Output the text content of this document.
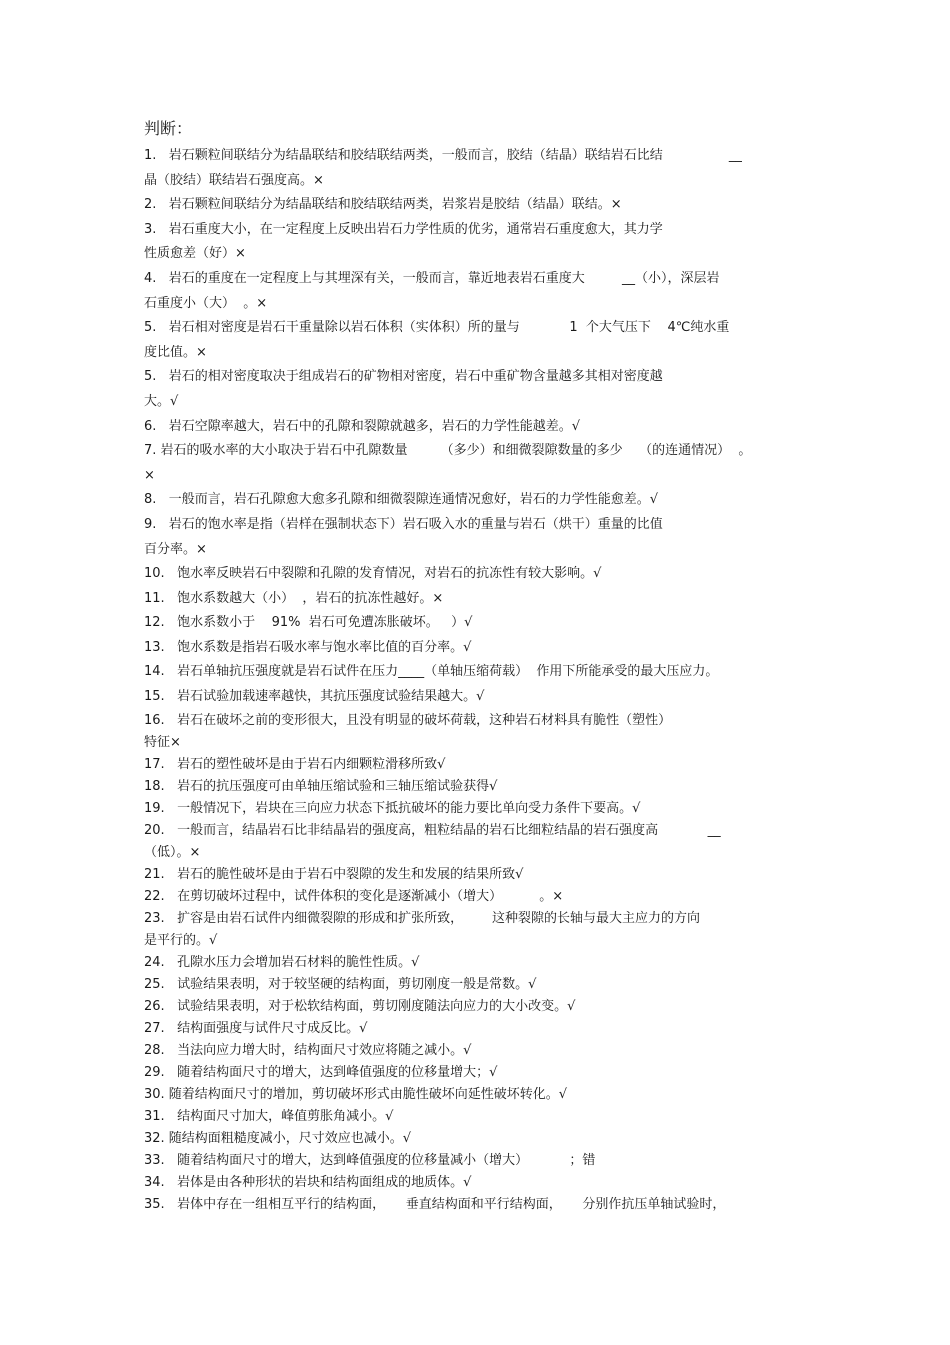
判断：
1.   岩石颗粒间联结分为结晶联结和胶结联结两类，一般而言，胶结（结晶）联结岩石比结                __
晶（胶结）联结岩石强度高。×
2.   岩石颗粒间联结分为结晶联结和胶结联结两类，岩浆岩是胶结（结晶）联结。×
3.   岩石重度大小，在一定程度上反映出岩石力学性质的优劣，通常岩石重度愈大，其力学
性质愈差（好）×
4.   岩石的重度在一定程度上与其埋深有关，一般而言，靠近地表岩石重度大         __（小），深层岩
石重度小（大）  。×
5.   岩石相对密度是岩石干重量除以岩石体积（实体积）所的量与            1  个大气压下    4℃纯水重
度比值。×
5.   岩石的相对密度取决于组成岩石的矿物相对密度，岩石中重矿物含量越多其相对密度越
大。√
6.   岩石空隙率越大，岩石中的孔隙和裂隙就越多，岩石的力学性能越差。√
7. 岩石的吸水率的大小取决于岩石中孔隙数量        （多少）和细微裂隙数量的多少    （的连通情况）  。
×
8.   一般而言，岩石孔隙愈大愈多孔隙和细微裂隙连通情况愈好，岩石的力学性能愈差。√
9.   岩石的饱水率是指（岩样在强制状态下）岩石吸入水的重量与岩石（烘干）重量的比值
百分率。×
10.   饱水率反映岩石中裂隙和孔隙的发育情况，对岩石的抗冻性有较大影响。√
11.   饱水系数越大（小）  ，岩石的抗冻性越好。×
12.   饱水系数小于    91%  岩石可免遭冻胀破坏。   ）√
13.   饱水系数是指岩石吸水率与饱水率比值的百分率。√
14.   岩石单轴抗压强度就是岩石试件在压力____（单轴压缩荷载）  作用下所能承受的最大压应力。
15.   岩石试验加载速率越快，其抗压强度试验结果越大。√
16.   岩石在破坏之前的变形很大，且没有明显的破坏荷载，这种岩石材料具有脆性（塑性）
特征×
17.   岩石的塑性破坏是由于岩石内细颗粒滑移所致√
18.   岩石的抗压强度可由单轴压缩试验和三轴压缩试验获得√
19.   一般情况下，岩块在三向应力状态下抵抗破坏的能力要比单向受力条件下要高。√
20.   一般而言，结晶岩石比非结晶岩的强度高，粗粒结晶的岩石比细粒结晶的岩石强度高            __
（低）。×
21.   岩石的脆性破坏是由于岩石中裂隙的发生和发展的结果所致√
22.   在剪切破坏过程中，试件体积的变化是逐渐减小（增大）         。×
23.   扩容是由岩石试件内细微裂隙的形成和扩张所致，       这种裂隙的长轴与最大主应力的方向
是平行的。√
24.   孔隙水压力会增加岩石材料的脆性性质。√
25.   试验结果表明，对于较坚硬的结构面，剪切刚度一般是常数。√
26.   试验结果表明，对于松软结构面，剪切刚度随法向应力的大小改变。√
27.   结构面强度与试件尺寸成反比。√
28.   当法向应力增大时，结构面尺寸效应将随之减小。√
29.   随着结构面尺寸的增大，达到峰值强度的位移量增大；√
30. 随着结构面尺寸的增加，剪切破坏形式由脆性破坏向延性破坏转化。√
31.   结构面尺寸加大，峰值剪胀角减小。√
32. 随结构面粗糙度减小，尺寸效应也减小。√
33.   随着结构面尺寸的增大，达到峰值强度的位移量减小（增大）          ；错
34.   岩体是由各种形状的岩块和结构面组成的地质体。√
35.   岩体中存在一组相互平行的结构面，     垂直结构面和平行结构面，     分别作抗压单轴试验时，
